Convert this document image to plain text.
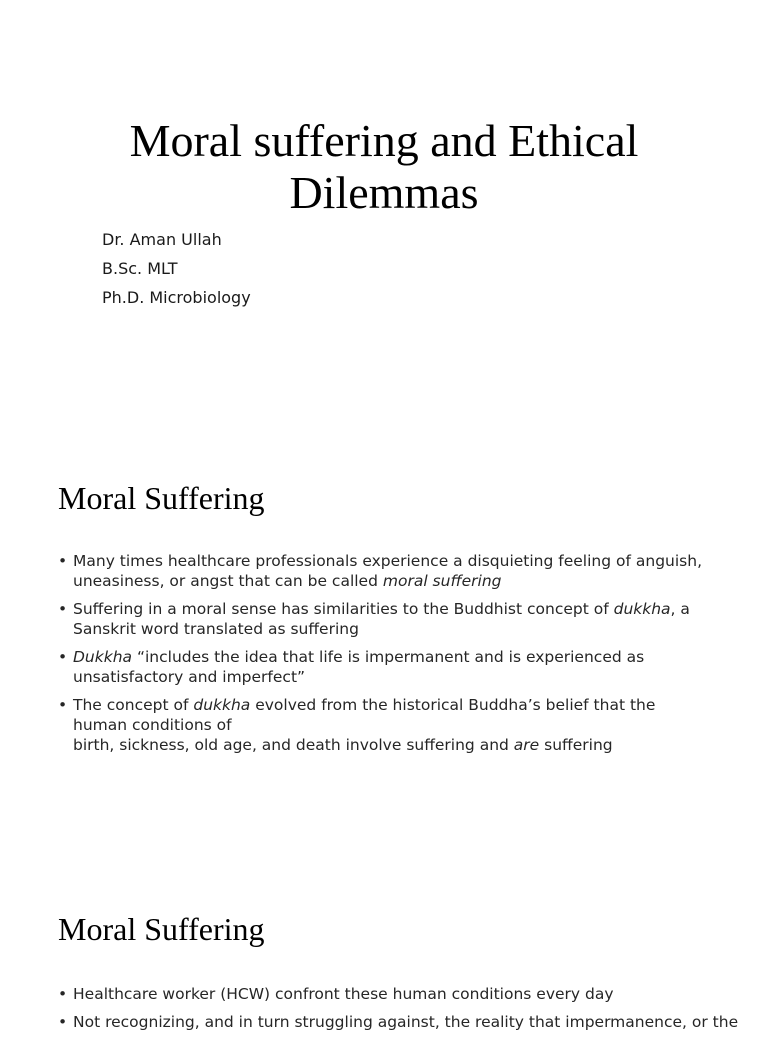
Moral suffering and Ethical
Dilemmas
Dr. Aman Ullah
B.Sc. MLT
Ph.D. Microbiology
Moral Suffering
• Many times healthcare professionals experience a disquieting feeling of anguish, uneasiness, or angst that can be called moral suffering
• Suffering in a moral sense has similarities to the Buddhist concept of dukkha, a Sanskrit word translated as suffering
• Dukkha “includes the idea that life is impermanent and is experienced as unsatisfactory and imperfect”
• The concept of dukkha evolved from the historical Buddha’s belief that the human conditions of
birth, sickness, old age, and death involve suffering and are suffering
Moral Suffering
• Healthcare worker (HCW) confront these human conditions every day
• Not recognizing, and in turn struggling against, the reality that impermanence, or the
